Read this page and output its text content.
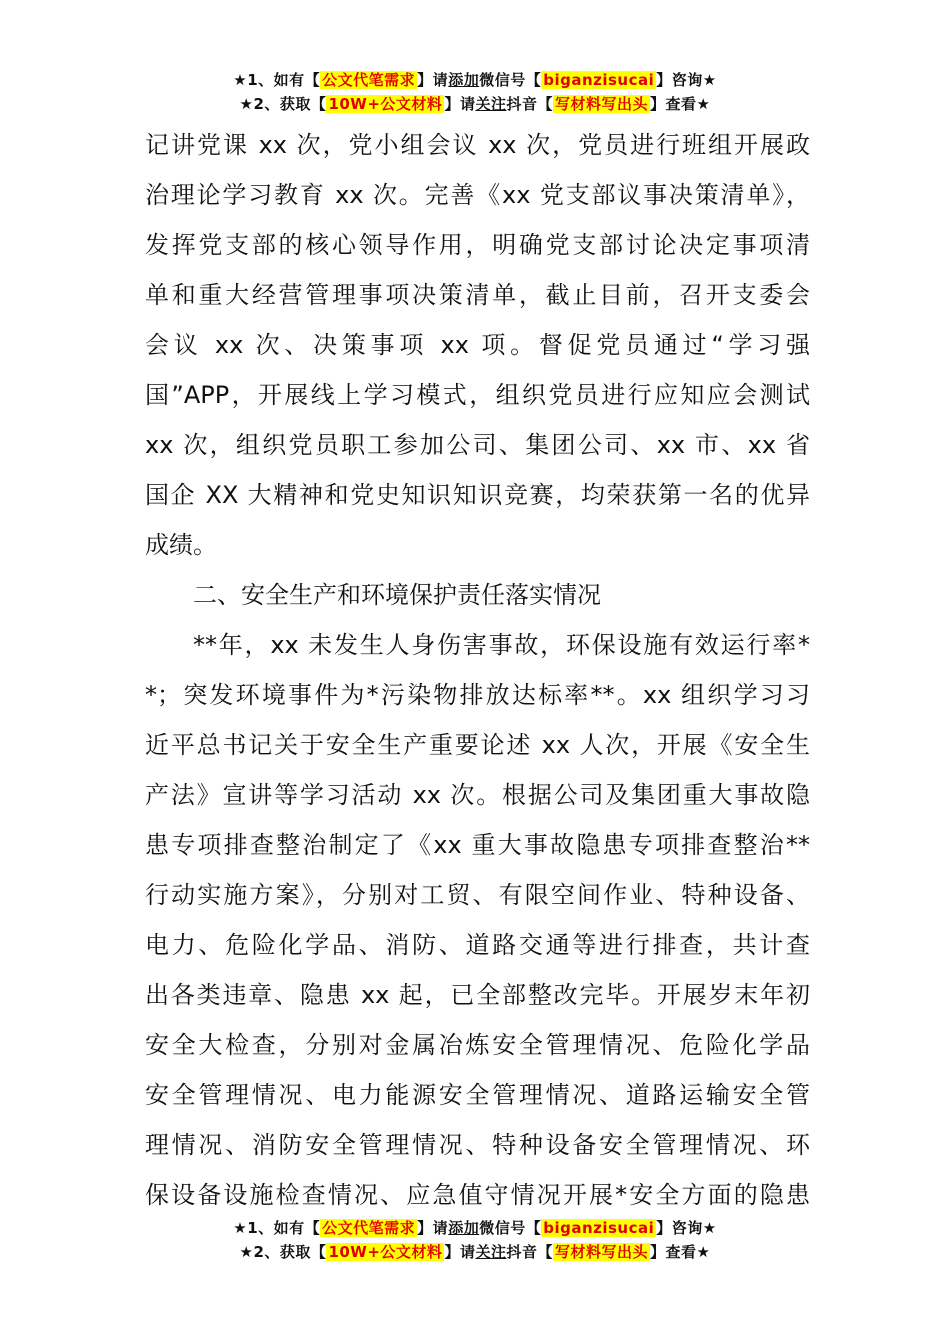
★1、如有【 公文代笔需求 】请添加微信号【 biganzisucai 】咨询★
★2、获取【 10W+公文材料 】请关注抖音【 写材料写出头 】查看★
记讲党课 xx 次，党小组会议 xx 次，党员进行班组开展政
治理论学习教育 xx 次。完善《xx 党支部议事决策清单》，
发挥党支部的核心领导作用，明确党支部讨论决定事项清
单和重大经营管理事项决策清单，截止目前，召开支委会
会议 xx 次、决策事项 xx 项。督促党员通过“学习强
国”APP，开展线上学习模式，组织党员进行应知应会测试
xx 次，组织党员职工参加公司、集团公司、xx 市、xx 省
国企 XX 大精神和党史知识知识竞赛，均荣获第一名的优异
成绩。
二、安全生产和环境保护责任落实情况
**年，xx 未发生人身伤害事故，环保设施有效运行率*
*；突发环境事件为*污染物排放达标率**。xx 组织学习习
近平总书记关于安全生产重要论述 xx 人次，开展《安全生
产法》宣讲等学习活动 xx 次。根据公司及集团重大事故隐
患专项排查整治制定了《xx 重大事故隐患专项排查整治**
行动实施方案》，分别对工贸、有限空间作业、特种设备、
电力、危险化学品、消防、道路交通等进行排查，共计查
出各类违章、隐患 xx 起，已全部整改完毕。开展岁末年初
安全大检查，分别对金属冶炼安全管理情况、危险化学品
安全管理情况、电力能源安全管理情况、道路运输安全管
理情况、消防安全管理情况、特种设备安全管理情况、环
保设备设施检查情况、应急值守情况开展*安全方面的隐患
★1、如有【 公文代笔需求 】请添加微信号【 biganzisucai 】咨询★
★2、获取【 10W+公文材料 】请关注抖音【 写材料写出头 】查看★
